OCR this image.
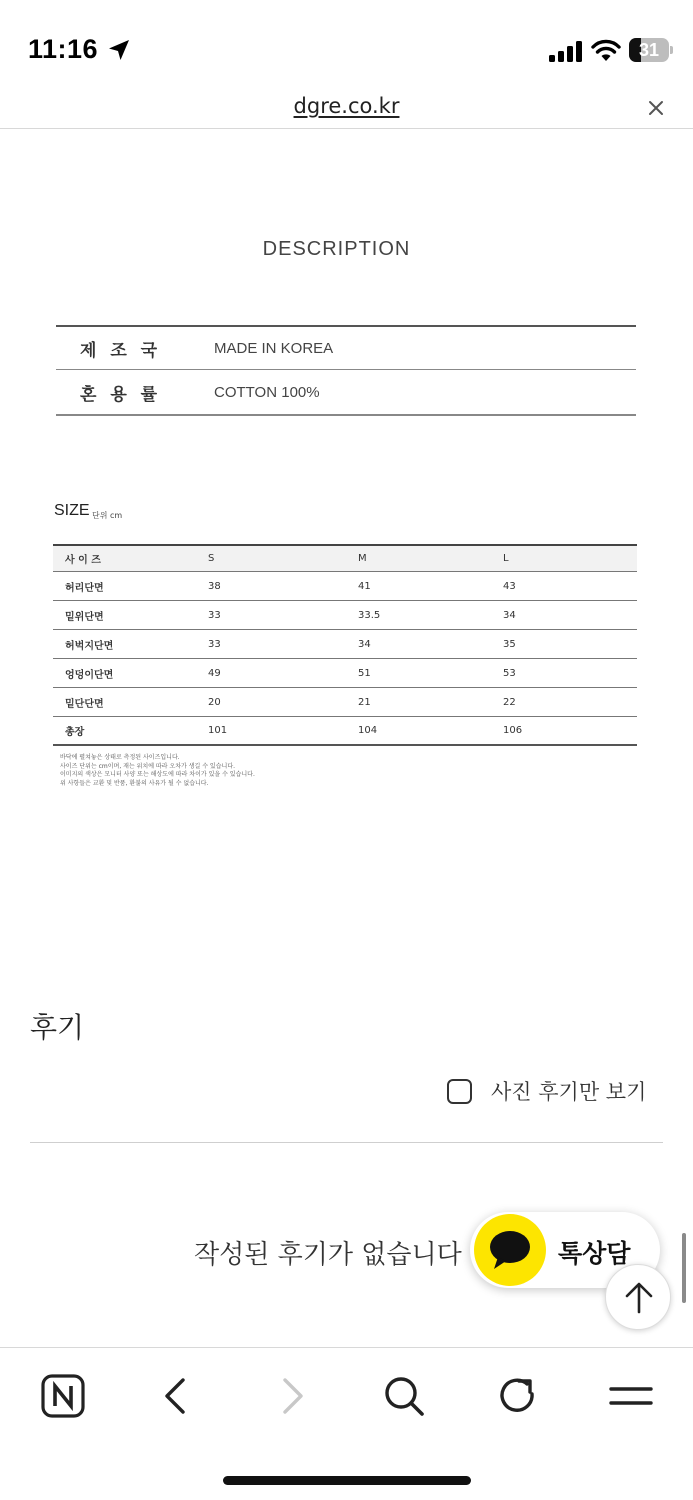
11:16	31
dgre.co.kr
DESCRIPTION
제 조 국	MADE IN KOREA
혼 용 률	COTTON 100%
SIZE 단위 cm
사 이 즈	S	M	L
허리단면	38	41	43
밑위단면	33	33.5	34
허벅지단면	33	34	35
엉덩이단면	49	51	53
밑단단면	20	21	22
총장	101	104	106
바닥에 펼쳐놓은 상태로 측정된 사이즈입니다.
사이즈 단위는 cm이며, 재는 위치에 따라 오차가 생길 수 있습니다.
이미지의 색상은 모니터 사양 또는 해상도에 따라 차이가 있을 수 있습니다.
위 사항들은 교환 및 반품, 환불의 사유가 될 수 없습니다.
후기
사진 후기만 보기
작성된 후기가 없습니다	톡상담
